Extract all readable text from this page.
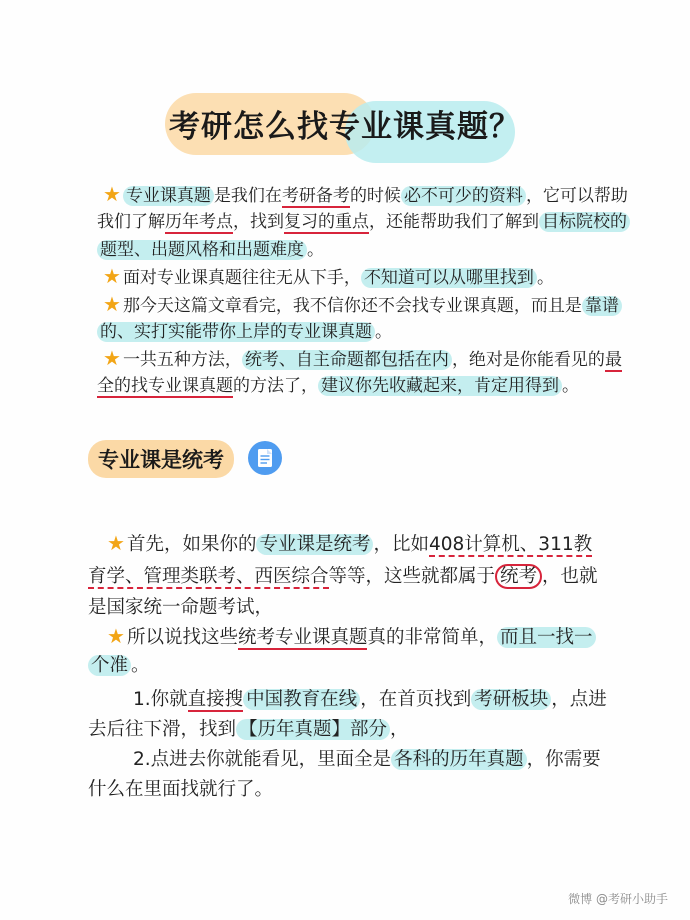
考研怎么找专业课真题？
★ 专业课真题 是我们在考研备考的时候 必不可少的资料 ，它可以帮助
我们了解历年考点，找到复习的重点，还能帮助我们了解到 目标院校的
题型、出题风格和出题难度 。
★ 面对专业课真题往往无从下手， 不知道可以从哪里找到 。
★ 那今天这篇文章看完，我不信你还不会找专业课真题，而且是 靠谱
的、实打实能带你上岸的专业课真题 。
★ 一共五种方法， 统考、自主命题都包括在内 ，绝对是你能看见的最
全的找专业课真题的方法了， 建议你先收藏起来，肯定用得到 。
专业课是统考
★ 首先，如果你的 专业课是统考 ，比如408计算机、311教
育学、管理类联考、西医综合等等，这些就都属于 统考 ，也就
是国家统一命题考试，
★ 所以说找这些统考专业课真题真的非常简单， 而且一找一
个准 。
1.你就直接搜 中国教育在线 ，在首页找到 考研板块 ，点进
去后往下滑，找到 【历年真题】部分 ，
2.点进去你就能看见，里面全是 各科的历年真题 ，你需要
什么在里面找就行了。
微博 @考研小助手
